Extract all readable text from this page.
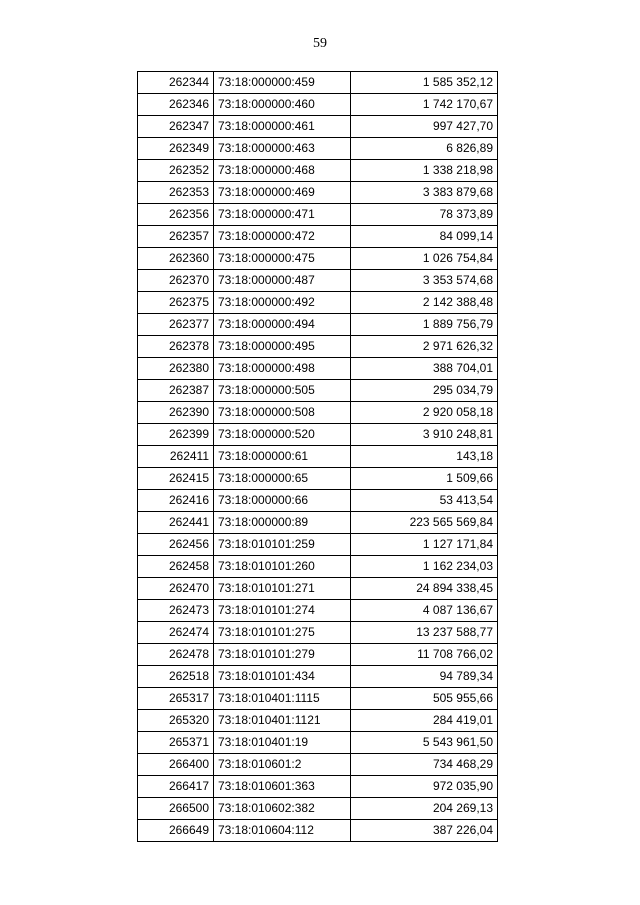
59
262344	73:18:000000:459	1 585 352,12
262346	73:18:000000:460	1 742 170,67
262347	73:18:000000:461	997 427,70
262349	73:18:000000:463	6 826,89
262352	73:18:000000:468	1 338 218,98
262353	73:18:000000:469	3 383 879,68
262356	73:18:000000:471	78 373,89
262357	73:18:000000:472	84 099,14
262360	73:18:000000:475	1 026 754,84
262370	73:18:000000:487	3 353 574,68
262375	73:18:000000:492	2 142 388,48
262377	73:18:000000:494	1 889 756,79
262378	73:18:000000:495	2 971 626,32
262380	73:18:000000:498	388 704,01
262387	73:18:000000:505	295 034,79
262390	73:18:000000:508	2 920 058,18
262399	73:18:000000:520	3 910 248,81
262411	73:18:000000:61	143,18
262415	73:18:000000:65	1 509,66
262416	73:18:000000:66	53 413,54
262441	73:18:000000:89	223 565 569,84
262456	73:18:010101:259	1 127 171,84
262458	73:18:010101:260	1 162 234,03
262470	73:18:010101:271	24 894 338,45
262473	73:18:010101:274	4 087 136,67
262474	73:18:010101:275	13 237 588,77
262478	73:18:010101:279	11 708 766,02
262518	73:18:010101:434	94 789,34
265317	73:18:010401:1115	505 955,66
265320	73:18:010401:1121	284 419,01
265371	73:18:010401:19	5 543 961,50
266400	73:18:010601:2	734 468,29
266417	73:18:010601:363	972 035,90
266500	73:18:010602:382	204 269,13
266649	73:18:010604:112	387 226,04
